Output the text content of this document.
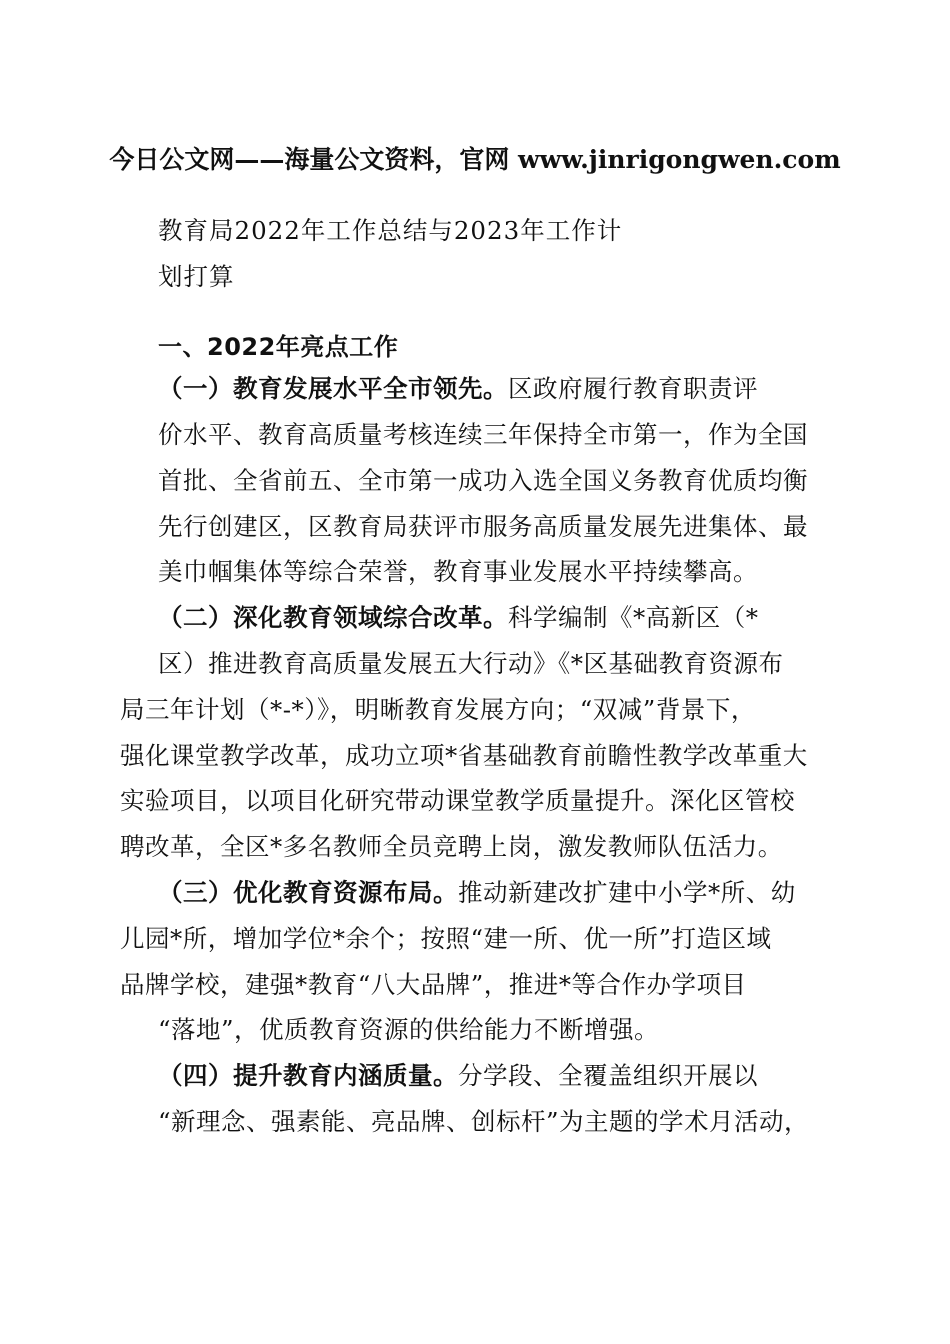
今日公文网——海量公文资料，官网 www.jinrigongwen.com
教育局2022年工作总结与2023年工作计
划打算
一、2022年亮点工作
（一）教育发展水平全市领先。区政府履行教育职责评
价水平、教育高质量考核连续三年保持全市第一，作为全国
首批、全省前五、全市第一成功入选全国义务教育优质均衡
先行创建区，区教育局获评市服务高质量发展先进集体、最
美巾帼集体等综合荣誉，教育事业发展水平持续攀高。
（二）深化教育领域综合改革。科学编制《*高新区（*
区）推进教育高质量发展五大行动》《*区基础教育资源布
局三年计划（*-*）》，明晰教育发展方向；“双减”背景下，
强化课堂教学改革，成功立项*省基础教育前瞻性教学改革重大
实验项目，以项目化研究带动课堂教学质量提升。深化区管校
聘改革，全区*多名教师全员竞聘上岗，激发教师队伍活力。
（三）优化教育资源布局。推动新建改扩建中小学*所、幼
儿园*所，增加学位*余个；按照“建一所、优一所”打造区域
品牌学校，建强*教育“八大品牌”，推进*等合作办学项目
“落地”，优质教育资源的供给能力不断增强。
（四）提升教育内涵质量。分学段、全覆盖组织开展以
“新理念、强素能、亮品牌、创标杆”为主题的学术月活动，
